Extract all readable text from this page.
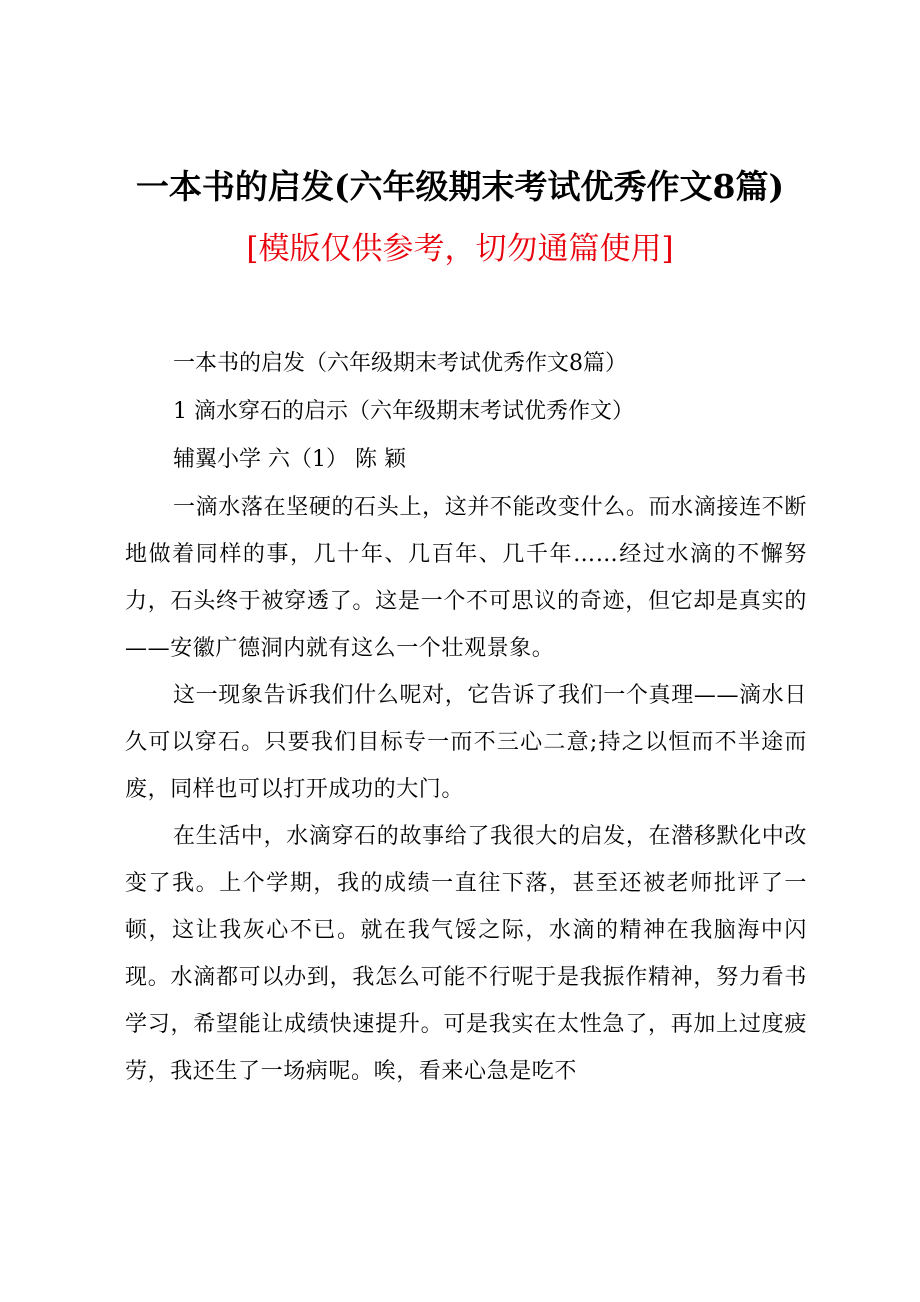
一本书的启发(六年级期末考试优秀作文8篇)
[模版仅供参考，切勿通篇使用]
一本书的启发（六年级期末考试优秀作文8篇）
1 滴水穿石的启示（六年级期末考试优秀作文）
辅翼小学 六（1） 陈 颖

一滴水落在坚硬的石头上，这并不能改变什么。而水滴接连不断地做着同样的事，几十年、几百年、几千年……经过水滴的不懈努力，石头终于被穿透了。这是一个不可思议的奇迹，但它却是真实的——安徽广德洞内就有这么一个壮观景象。

这一现象告诉我们什么呢对，它告诉了我们一个真理——滴水日久可以穿石。只要我们目标专一而不三心二意;持之以恒而不半途而废，同样也可以打开成功的大门。

在生活中，水滴穿石的故事给了我很大的启发，在潜移默化中改变了我。上个学期，我的成绩一直往下落，甚至还被老师批评了一顿，这让我灰心不已。就在我气馁之际，水滴的精神在我脑海中闪现。水滴都可以办到，我怎么可能不行呢于是我振作精神，努力看书学习，希望能让成绩快速提升。可是我实在太性急了，再加上过度疲劳，我还生了一场病呢。唉，看来心急是吃不
